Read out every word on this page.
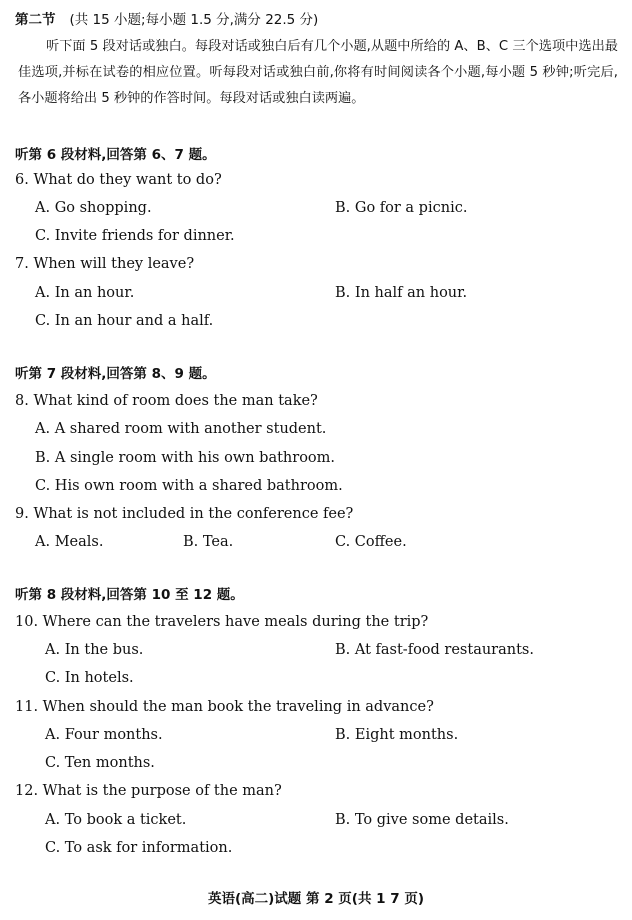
第二节 (共 15 小题;每小题 1.5 分,满分 22.5 分)
听下面 5 段对话或独白。每段对话或独白后有几个小题,从题中所给的 A、B、C 三个选项中选出最佳选项,并标在试卷的相应位置。听每段对话或独白前,你将有时间阅读各个小题,每小题 5 秒钟;听完后,各小题将给出 5 秒钟的作答时间。每段对话或独白读两遍。
听第 6 段材料,回答第 6、7 题。
6. What do they want to do?
A. Go shopping.	B. Go for a picnic.
C. Invite friends for dinner.
7. When will they leave?
A. In an hour.	B. In half an hour.
C. In an hour and a half.
听第 7 段材料,回答第 8、9 题。
8. What kind of room does the man take?
A. A shared room with another student.
B. A single room with his own bathroom.
C. His own room with a shared bathroom.
9. What is not included in the conference fee?
A. Meals.	B. Tea.	C. Coffee.
听第 8 段材料,回答第 10 至 12 题。
10. Where can the travelers have meals during the trip?
A. In the bus.	B. At fast-food restaurants.
C. In hotels.
11. When should the man book the traveling in advance?
A. Four months.	B. Eight months.
C. Ten months.
12. What is the purpose of the man?
A. To book a ticket.	B. To give some details.
C. To ask for information.
英语(高二)试题 第 2 页(共 1 7 页)
